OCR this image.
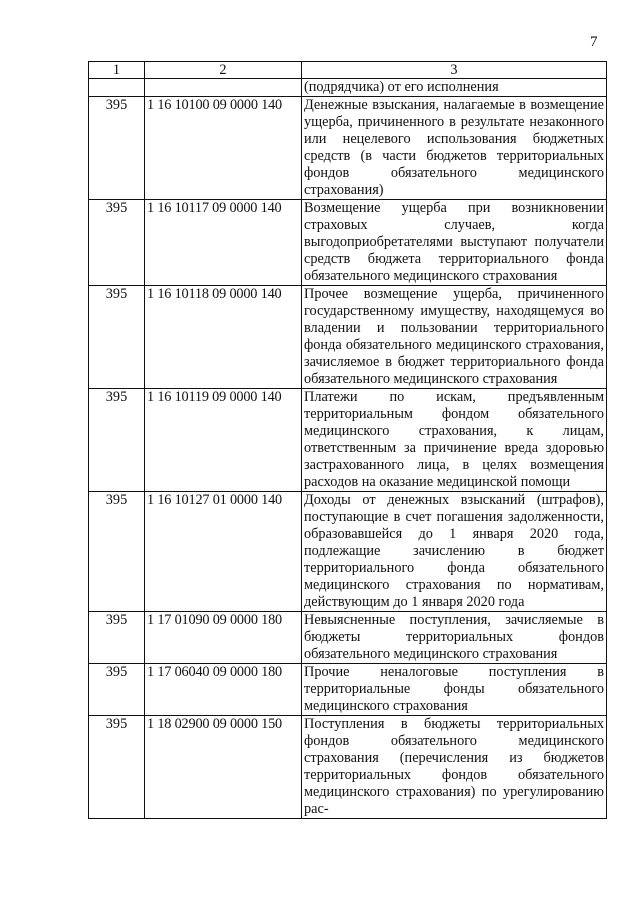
7
1	2	3
		(подрядчика) от его исполнения
395	1 16 10100 09 0000 140	Денежные взыскания, налагаемые в возмещение ущерба, причиненного в результате незаконного или нецелевого использования бюджетных средств (в части бюджетов территориальных фондов обязательного медицинского страхования)
395	1 16 10117 09 0000 140	Возмещение ущерба при возникновении страховых случаев, когда выгодоприобретателями выступают получатели средств бюджета территориального фонда обязательного медицинского страхования
395	1 16 10118 09 0000 140	Прочее возмещение ущерба, причиненного государственному имуществу, находящемуся во владении и пользовании территориального фонда обязательного медицинского страхования, зачисляемое в бюджет территориального фонда обязательного медицинского страхования
395	1 16 10119 09 0000 140	Платежи по искам, предъявленным территориальным фондом обязательного медицинского страхования, к лицам, ответственным за причинение вреда здоровью застрахованного лица, в целях возмещения расходов на оказание медицинской помощи
395	1 16 10127 01 0000 140	Доходы от денежных взысканий (штрафов), поступающие в счет погашения задолженности, образовавшейся до 1 января 2020 года, подлежащие зачислению в бюджет территориального фонда обязательного медицинского страхования по нормативам, действующим до 1 января 2020 года
395	1 17 01090 09 0000 180	Невыясненные поступления, зачисляемые в бюджеты территориальных фондов обязательного медицинского страхования
395	1 17 06040 09 0000 180	Прочие неналоговые поступления в территориальные фонды обязательного медицинского страхования
395	1 18 02900 09 0000 150	Поступления в бюджеты территориальных фондов обязательного медицинского страхования (перечисления из бюджетов территориальных фондов обязательного медицинского страхования) по урегулированию рас-
